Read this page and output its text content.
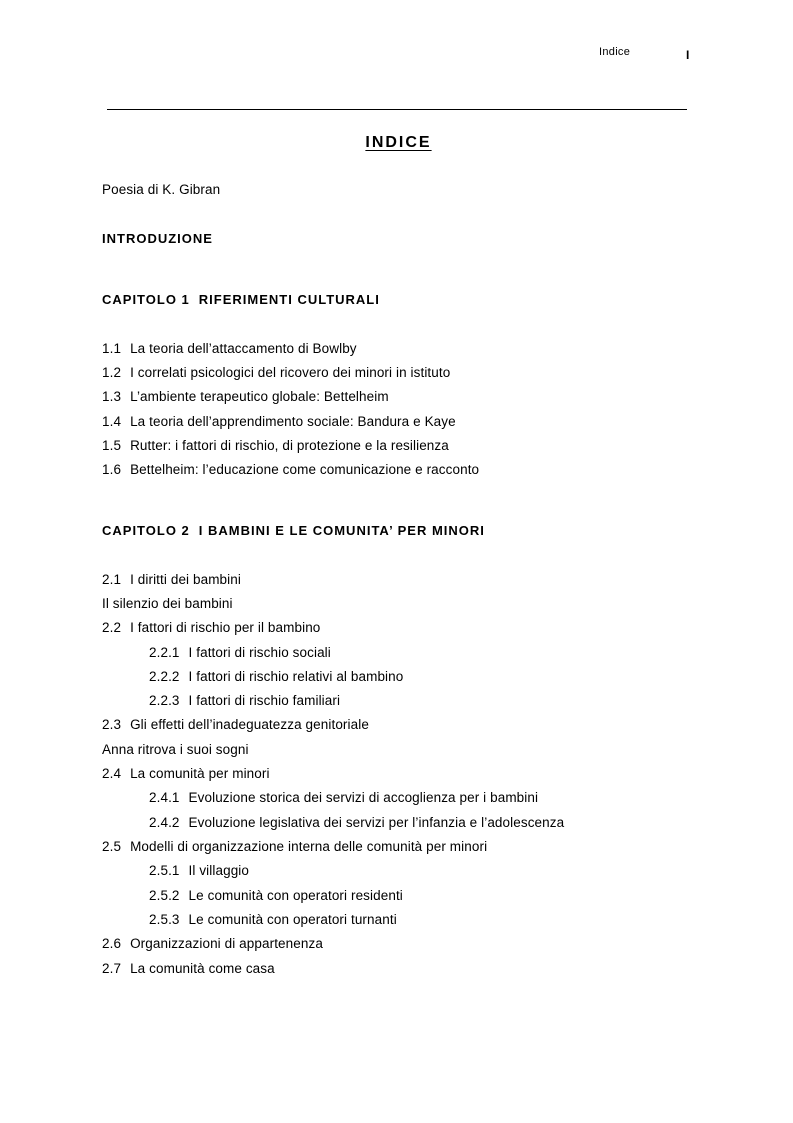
Indice	I
INDICE
Poesia di K. Gibran
INTRODUZIONE
CAPITOLO 1 RIFERIMENTI CULTURALI
1.1 La teoria dell’attaccamento di Bowlby
1.2 I correlati psicologici del ricovero dei minori in istituto
1.3 L’ambiente terapeutico globale: Bettelheim
1.4 La teoria dell’apprendimento sociale: Bandura e Kaye
1.5 Rutter: i fattori di rischio, di protezione e la resilienza
1.6 Bettelheim: l’educazione come comunicazione e racconto
CAPITOLO 2 I BAMBINI E LE COMUNITA’ PER MINORI
2.1 I diritti dei bambini
Il silenzio dei bambini
2.2 I fattori di rischio per il bambino
2.2.1 I fattori di rischio sociali
2.2.2 I fattori di rischio relativi al bambino
2.2.3 I fattori di rischio familiari
2.3 Gli effetti dell’inadeguatezza genitoriale
Anna ritrova i suoi sogni
2.4 La comunità per minori
2.4.1 Evoluzione storica dei servizi di accoglienza per i bambini
2.4.2 Evoluzione legislativa dei servizi per l’infanzia e l’adolescenza
2.5 Modelli di organizzazione interna delle comunità per minori
2.5.1 Il villaggio
2.5.2 Le comunità con operatori residenti
2.5.3 Le comunità con operatori turnanti
2.6 Organizzazioni di appartenenza
2.7 La comunità come casa
